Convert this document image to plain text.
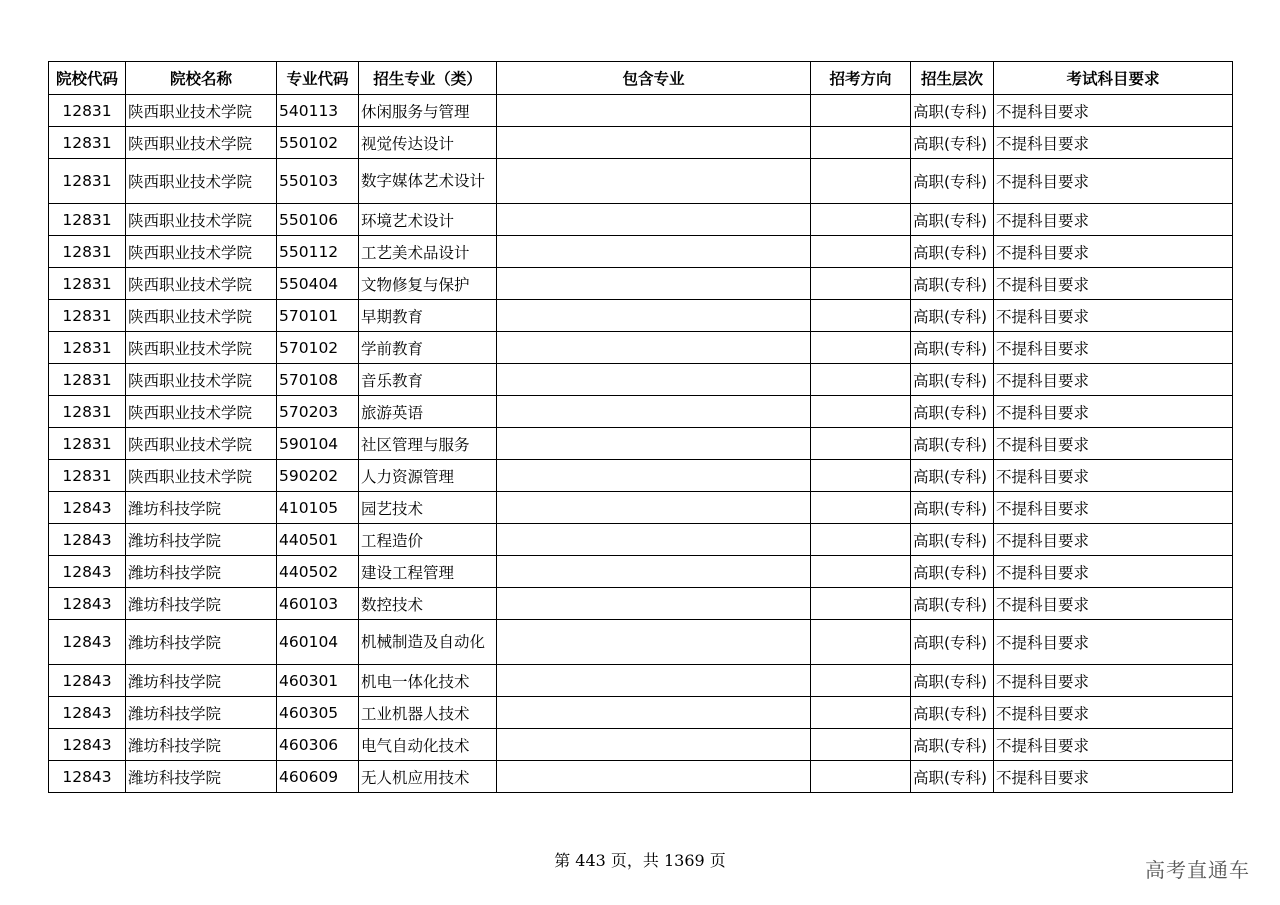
院校代码	院校名称	专业代码	招生专业（类）	包含专业	招考方向	招生层次	考试科目要求
12831	陕西职业技术学院	540113	休闲服务与管理			高职(专科)	不提科目要求
12831	陕西职业技术学院	550102	视觉传达设计			高职(专科)	不提科目要求
12831	陕西职业技术学院	550103	数字媒体艺术设计			高职(专科)	不提科目要求
12831	陕西职业技术学院	550106	环境艺术设计			高职(专科)	不提科目要求
12831	陕西职业技术学院	550112	工艺美术品设计			高职(专科)	不提科目要求
12831	陕西职业技术学院	550404	文物修复与保护			高职(专科)	不提科目要求
12831	陕西职业技术学院	570101	早期教育			高职(专科)	不提科目要求
12831	陕西职业技术学院	570102	学前教育			高职(专科)	不提科目要求
12831	陕西职业技术学院	570108	音乐教育			高职(专科)	不提科目要求
12831	陕西职业技术学院	570203	旅游英语			高职(专科)	不提科目要求
12831	陕西职业技术学院	590104	社区管理与服务			高职(专科)	不提科目要求
12831	陕西职业技术学院	590202	人力资源管理			高职(专科)	不提科目要求
12843	潍坊科技学院	410105	园艺技术			高职(专科)	不提科目要求
12843	潍坊科技学院	440501	工程造价			高职(专科)	不提科目要求
12843	潍坊科技学院	440502	建设工程管理			高职(专科)	不提科目要求
12843	潍坊科技学院	460103	数控技术			高职(专科)	不提科目要求
12843	潍坊科技学院	460104	机械制造及自动化			高职(专科)	不提科目要求
12843	潍坊科技学院	460301	机电一体化技术			高职(专科)	不提科目要求
12843	潍坊科技学院	460305	工业机器人技术			高职(专科)	不提科目要求
12843	潍坊科技学院	460306	电气自动化技术			高职(专科)	不提科目要求
12843	潍坊科技学院	460609	无人机应用技术			高职(专科)	不提科目要求
第 443 页，共 1369 页	高考直通车
